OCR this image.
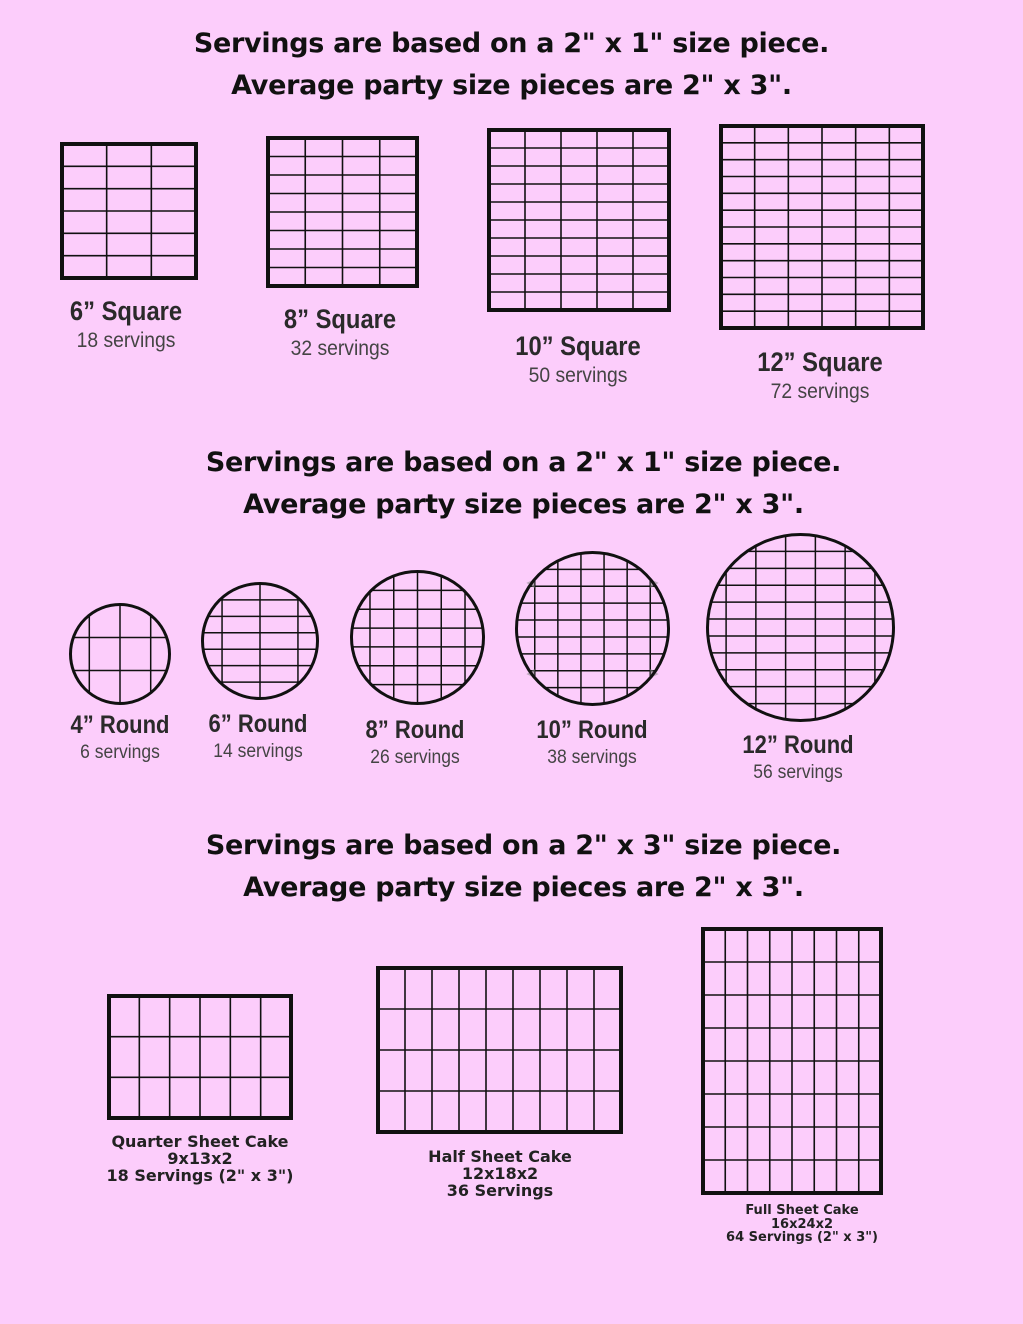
Servings are based on a 2" x 1" size piece.
Average party size pieces are 2" x 3".
Servings are based on a 2" x 1" size piece.
Average party size pieces are 2" x 3".
Servings are based on a 2" x 3" size piece.
Average party size pieces are 2" x 3".
6” Square
18 servings
8” Square
32 servings	10” Square
50 servings	12” Square
72 servings
4” Round
6 servings
6” Round
14 servings
8” Round
26 servings
10” Round
38 servings	12” Round
56 servings
Quarter Sheet Cake
9x13x2
18 Servings (2" x 3")
Half Sheet Cake
12x18x2
36 Servings
Full Sheet Cake
16x24x2
64 Servings (2" x 3")
